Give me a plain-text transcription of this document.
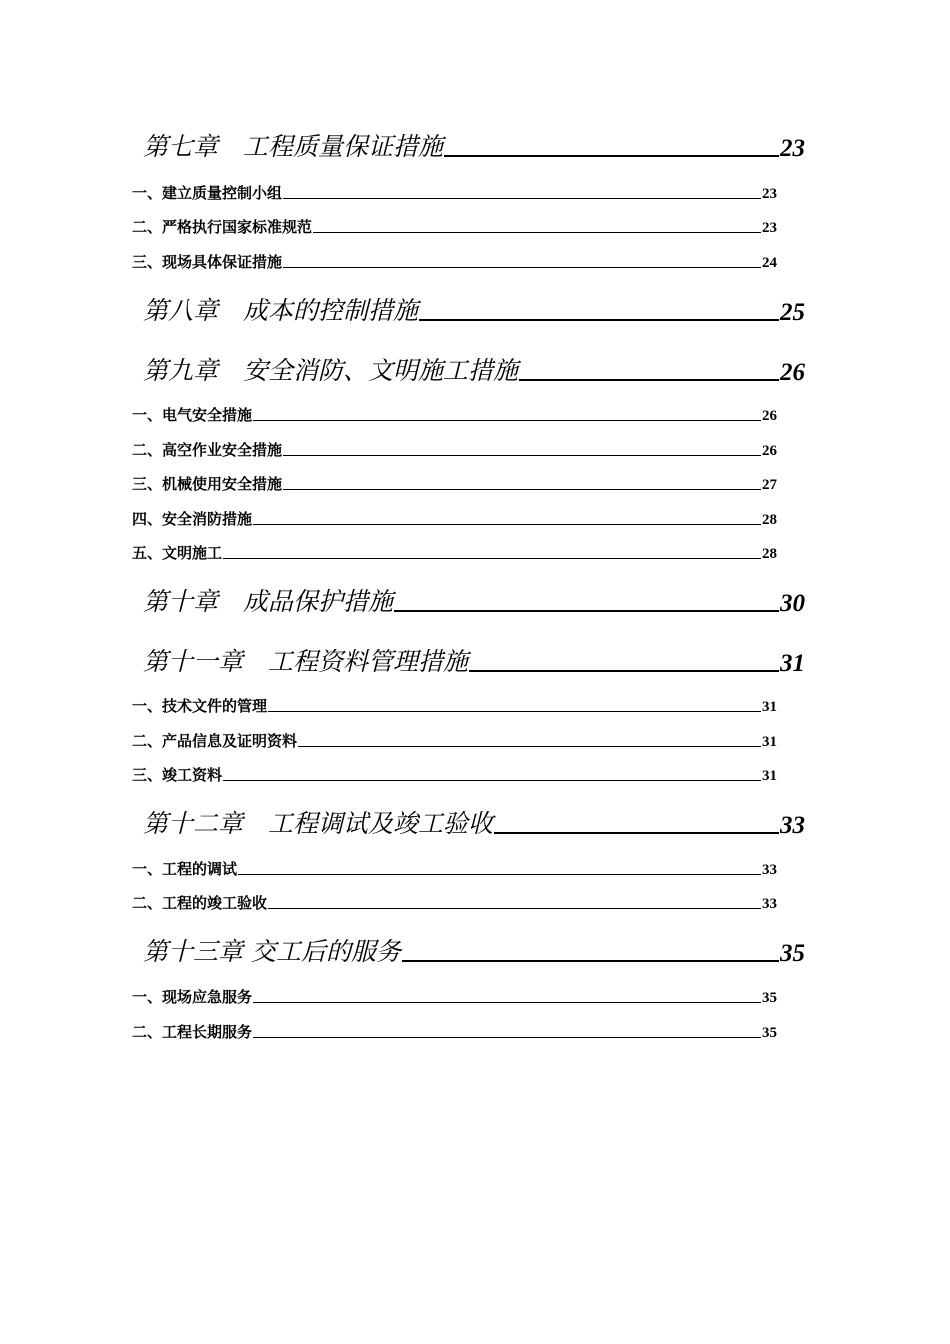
第七章　工程质量保证措施	23
一、建立质量控制小组	23
二、严格执行国家标准规范	23
三、现场具体保证措施	24
第八章　成本的控制措施	25
第九章　安全消防、文明施工措施	26
一、电气安全措施	26
二、高空作业安全措施	26
三、机械使用安全措施	27
四、安全消防措施	28
五、文明施工	28
第十章　成品保护措施	30
第十一章　工程资料管理措施	31
一、技术文件的管理	31
二、产品信息及证明资料	31
三、竣工资料	31
第十二章　工程调试及竣工验收	33
一、工程的调试	33
二、工程的竣工验收	33
第十三章 交工后的服务	35
一、现场应急服务	35
二、工程长期服务	35
